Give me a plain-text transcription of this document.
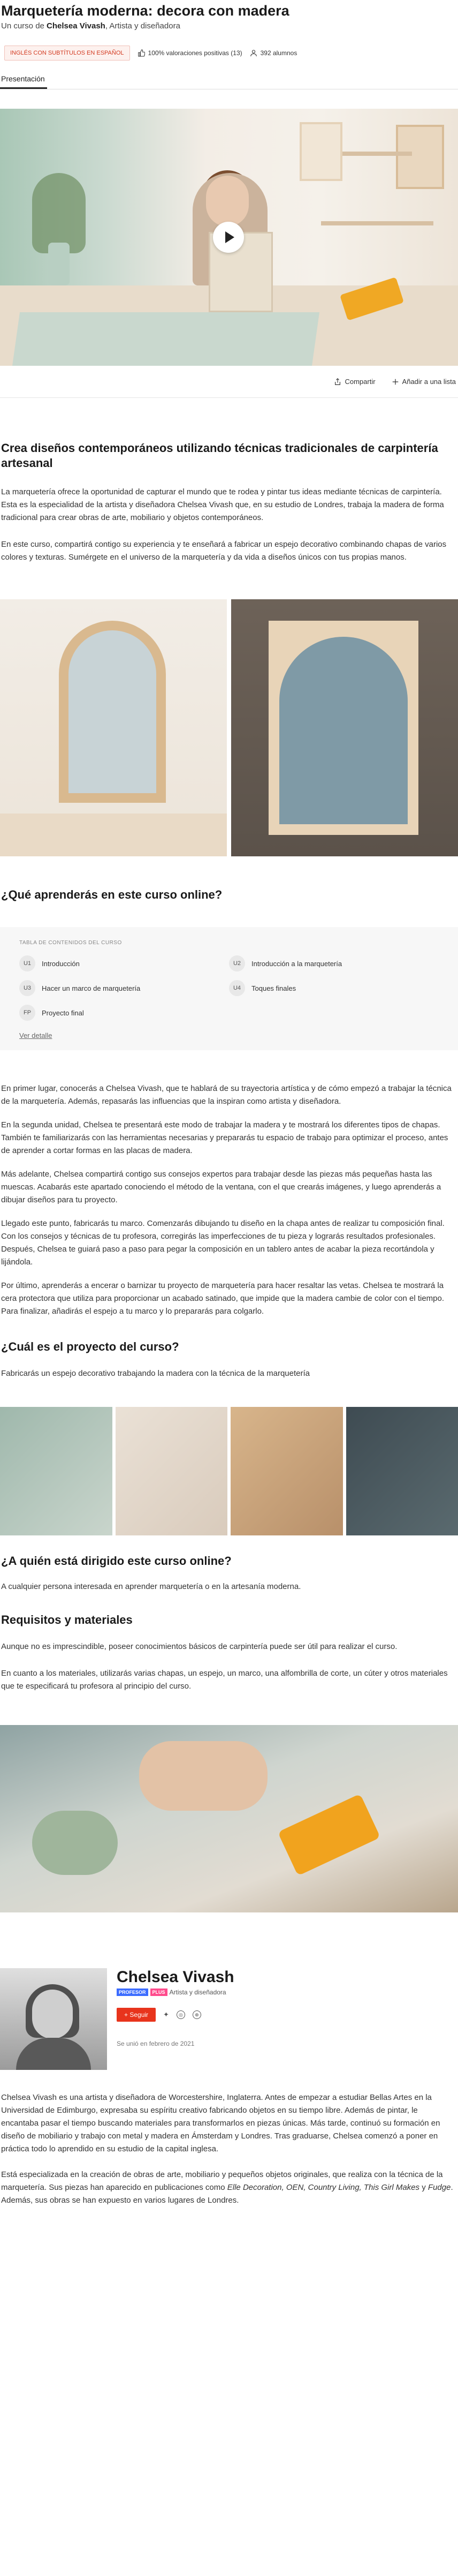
Marquetería moderna: decora con madera
Un curso de Chelsea Vivash, Artista y diseñadora
INGLÉS CON SUBTÍTULOS EN ESPAÑOL	100% valoraciones positivas (13)	392 alumnos
Presentación
Compartir	Añadir a una lista
Crea diseños contemporáneos utilizando técnicas tradicionales de carpintería artesanal

La marquetería ofrece la oportunidad de capturar el mundo que te rodea y pintar tus ideas mediante técnicas de carpintería. Esta es la especialidad de la artista y diseñadora Chelsea Vivash que, en su estudio de Londres, trabaja la madera de forma tradicional para crear obras de arte, mobiliario y objetos contemporáneos.

En este curso, compartirá contigo su experiencia y te enseñará a fabricar un espejo decorativo combinando chapas de varios colores y texturas. Sumérgete en el universo de la marquetería y da vida a diseños únicos con tus propias manos.

¿Qué aprenderás en este curso online?
TABLA DE CONTENIDOS DEL CURSO
U1	Introducción	U2	Introducción a la marquetería
U3	Hacer un marco de marquetería	U4	Toques finales
FP	Proyecto final
Ver detalle

En primer lugar, conocerás a Chelsea Vivash, que te hablará de su trayectoria artística y de cómo empezó a trabajar la técnica de la marquetería. Además, repasarás las influencias que la inspiran como artista y diseñadora.

En la segunda unidad, Chelsea te presentará este modo de trabajar la madera y te mostrará los diferentes tipos de chapas. También te familiarizarás con las herramientas necesarias y prepararás tu espacio de trabajo para optimizar el proceso, antes de aprender a cortar formas en las placas de madera.

Más adelante, Chelsea compartirá contigo sus consejos expertos para trabajar desde las piezas más pequeñas hasta las muescas. Acabarás este apartado conociendo el método de la ventana, con el que crearás imágenes, y luego aprenderás a dibujar diseños para tu proyecto.

Llegado este punto, fabricarás tu marco. Comenzarás dibujando tu diseño en la chapa antes de realizar tu composición final. Con los consejos y técnicas de tu profesora, corregirás las imperfecciones de tu pieza y lograrás resultados profesionales. Después, Chelsea te guiará paso a paso para pegar la composición en un tablero antes de acabar la pieza recortándola y lijándola.

Por último, aprenderás a encerar o barnizar tu proyecto de marquetería para hacer resaltar las vetas. Chelsea te mostrará la cera protectora que utiliza para proporcionar un acabado satinado, que impide que la madera cambie de color con el tiempo. Para finalizar, añadirás el espejo a tu marco y lo prepararás para colgarlo.

¿Cuál es el proyecto del curso?

Fabricarás un espejo decorativo trabajando la madera con la técnica de la marquetería

¿A quién está dirigido este curso online?

A cualquier persona interesada en aprender marquetería o en la artesanía moderna.

Requisitos y materiales

Aunque no es imprescindible, poseer conocimientos básicos de carpintería puede ser útil para realizar el curso.

En cuanto a los materiales, utilizarás varias chapas, un espejo, un marco, una alfombrilla de corte, un cúter y otros materiales que te especificará tu profesora al principio del curso.

Chelsea Vivash
PROFESOR	PLUS Artista y diseñadora
+ Seguir	✦	◎	⊕
Se unió en febrero de 2021

Chelsea Vivash es una artista y diseñadora de Worcestershire, Inglaterra. Antes de empezar a estudiar Bellas Artes en la Universidad de Edimburgo, expresaba su espíritu creativo fabricando objetos en su tiempo libre. Además de pintar, le encantaba pasar el tiempo buscando materiales para transformarlos en piezas únicas. Más tarde, continuó su formación en diseño de mobiliario y trabajo con metal y madera en Ámsterdam y Londres. Tras graduarse, Chelsea comenzó a poner en práctica todo lo aprendido en su estudio de la capital inglesa.

Está especializada en la creación de obras de arte, mobiliario y pequeños objetos originales, que realiza con la técnica de la marquetería. Sus piezas han aparecido en publicaciones como Elle Decoration, OEN, Country Living, This Girl Makes y Fudge. Además, sus obras se han expuesto en varios lugares de Londres.
